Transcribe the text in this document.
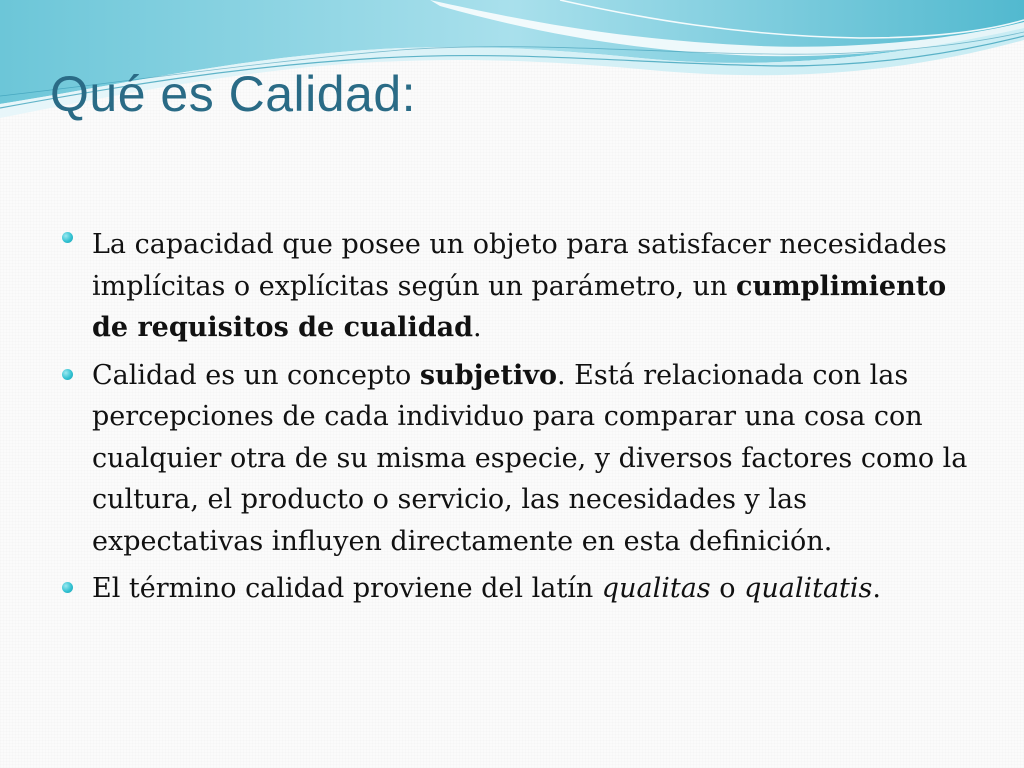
Qué es Calidad:
La capacidad que posee un objeto para satisfacer necesidades implícitas o explícitas según un parámetro, un cumplimiento de requisitos de cualidad.
Calidad es un concepto subjetivo. Está relacionada con las percepciones de cada individuo para comparar una cosa con cualquier otra de su misma especie, y diversos factores como la cultura, el producto o servicio, las necesidades y las expectativas influyen directamente en esta definición.
El término calidad proviene del latín qualitas o qualitatis.
